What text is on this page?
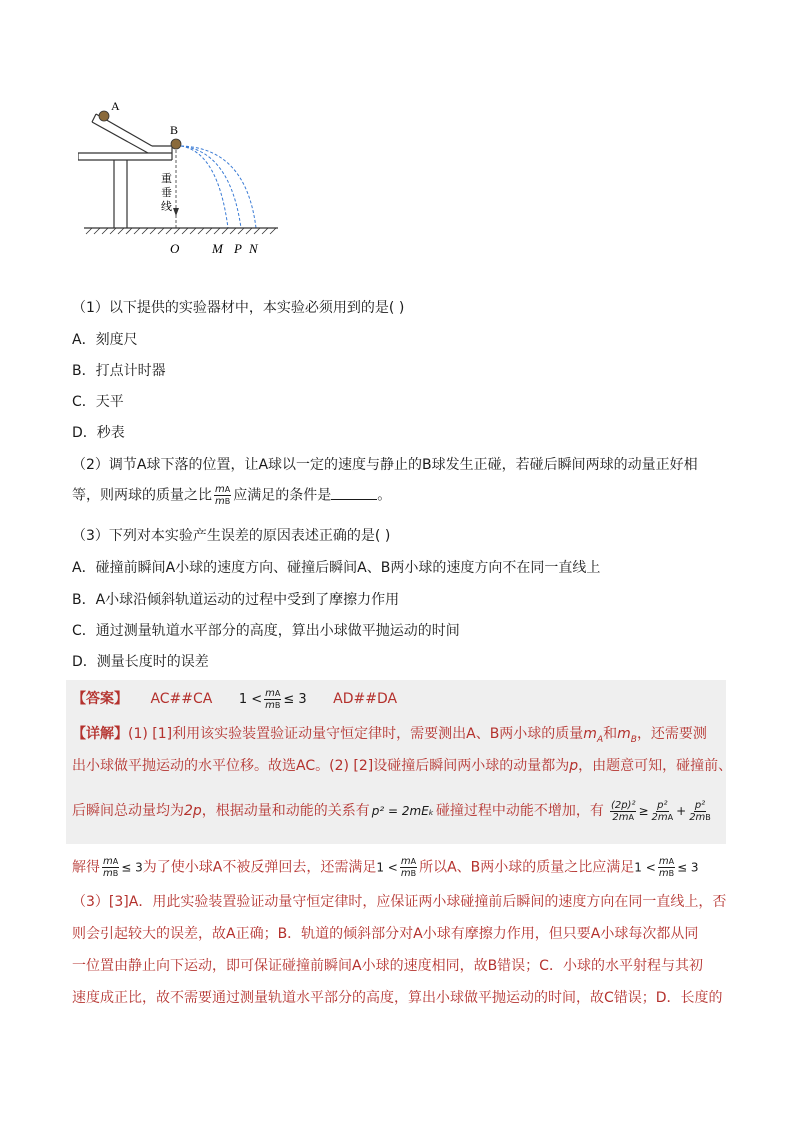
A
B
重
垂
线
O	M P N
（1）以下提供的实验器材中，本实验必须用到的是( )
A．刻度尺
B．打点计时器
C．天平
D．秒表
（2）调节A球下落的位置，让A球以一定的速度与静止的B球发生正碰，若碰后瞬间两球的动量正好相
等，则两球的质量之比 $\frac{mA}{mB}$ 应满足的条件是	。
（3）下列对本实验产生误差的原因表述正确的是( )
A．碰撞前瞬间A小球的速度方向、碰撞后瞬间A、B两小球的速度方向不在同一直线上
B．A小球沿倾斜轨道运动的过程中受到了摩擦力作用
C．通过测量轨道水平部分的高度，算出小球做平抛运动的时间
D．测量长度时的误差
【答案】 AC##CA $1 < \frac{mA}{mB} \le 3$ AD##DA
【详解】(1) [1]利用该实验装置验证动量守恒定律时，需要测出A、B两小球的质量$m_A$和$m_B$，还需要测
出小球做平抛运动的水平位移。故选AC。(2) [2]设碰撞后瞬间两小球的动量都为p，由题意可知，碰撞前、
后瞬间总动量均为2p，根据动量和动能的关系有 p² = 2mEₖ 碰撞过程中动能不增加，有 $\frac{\text{(2p)²}}{2mA} \ge \frac{\text{p²}}{2mA} + \frac{\text{p²}}{2mB}$
解得 $\frac{mA}{mB} \le 3$为了使小球A不被反弹回去，还需满足$1 < \frac{mA}{mB}$ 所以A、B两小球的质量之比应满足$1 < \frac{mA}{mB} \le 3$
（3）[3]A．用此实验装置验证动量守恒定律时，应保证两小球碰撞前后瞬间的速度方向在同一直线上，否
则会引起较大的误差，故A正确；B．轨道的倾斜部分对A小球有摩擦力作用，但只要A小球每次都从同
一位置由静止向下运动，即可保证碰撞前瞬间A小球的速度相同，故B错误；C．小球的水平射程与其初
速度成正比，故不需要通过测量轨道水平部分的高度，算出小球做平抛运动的时间，故C错误；D．长度的
